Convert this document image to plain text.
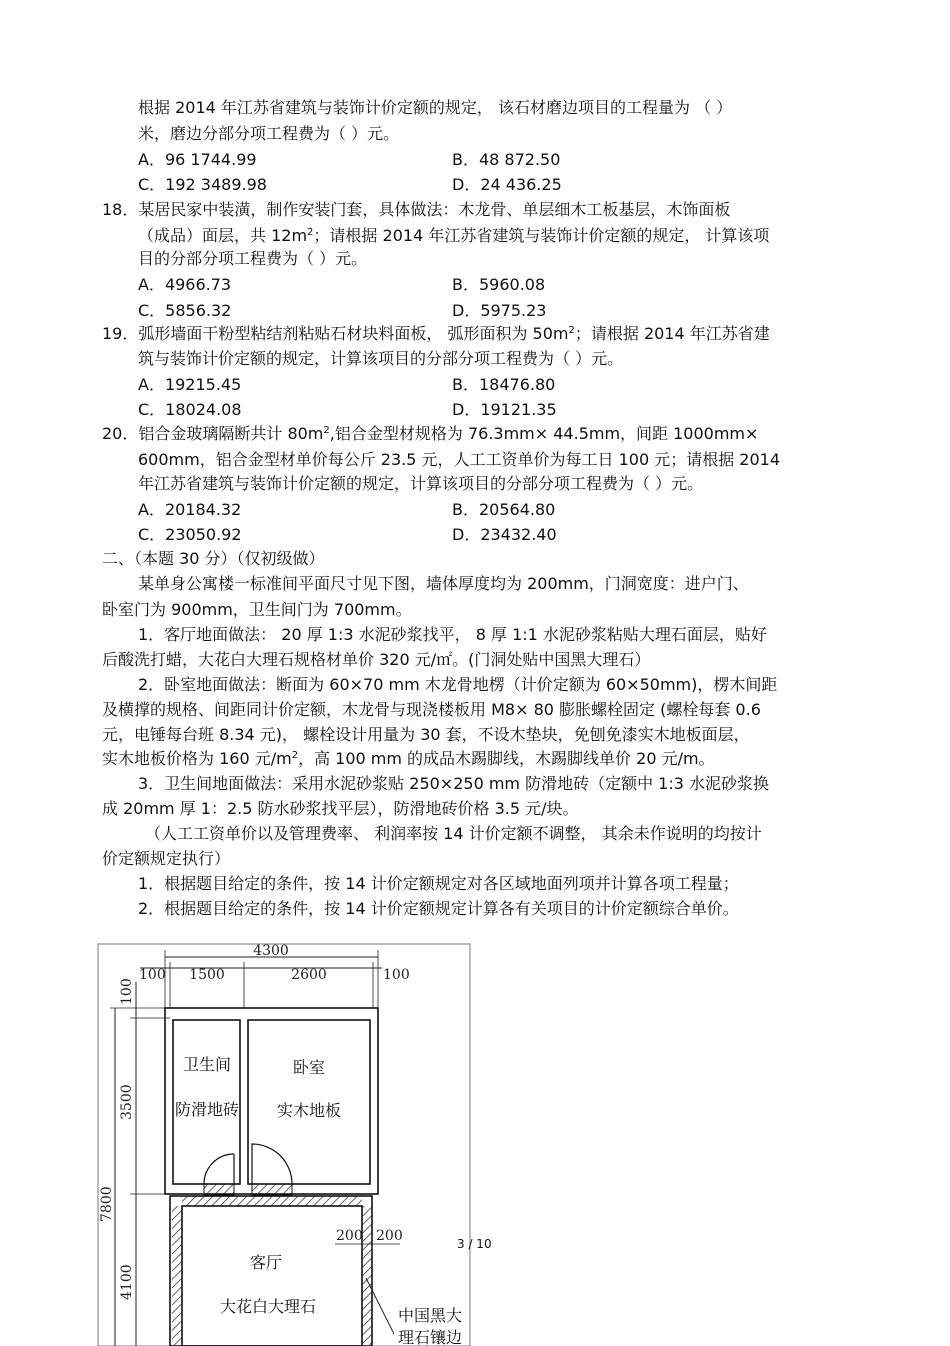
根据 2014 年江苏省建筑与装饰计价定额的规定， 该石材磨边项目的工程量为 （ ）
米，磨边分部分项工程费为（ ）元。
A．96 1744.99	B．48 872.50
C．192 3489.98	D．24 436.25
18．某居民家中装潢，制作安装门套，具体做法：木龙骨、单层细木工板基层，木饰面板
（成品）面层，共 $12m^2$；请根据 2014 年江苏省建筑与装饰计价定额的规定， 计算该项
目的分部分项工程费为（ ）元。
A．4966.73	B．5960.08
C．5856.32	D．5975.23
19．弧形墙面干粉型粘结剂粘贴石材块料面板， 弧形面积为 $50m^2$；请根据 2014 年江苏省建
筑与装饰计价定额的规定，计算该项目的分部分项工程费为（ ）元。
A．19215.45	B．18476.80
C．18024.08	D．19121.35
20．铝合金玻璃隔断共计 $80m^2$,铝合金型材规格为 76.3mm× 44.5mm，间距 1000mm×
600mm，铝合金型材单价每公斤 23.5 元，人工工资单价为每工日 100 元；请根据 2014
年江苏省建筑与装饰计价定额的规定，计算该项目的分部分项工程费为（ ）元。
A．20184.32	B．20564.80
C．23050.92	D．23432.40
二、（本题 30 分）（仅初级做）
某单身公寓楼一标准间平面尺寸见下图，墙体厚度均为 200mm，门洞宽度：进户门、
卧室门为 900mm，卫生间门为 700mm。
1．客厅地面做法： 20 厚 1:3 水泥砂浆找平， 8 厚 1:1 水泥砂浆粘贴大理石面层，贴好
后酸洗打蜡，大花白大理石规格材单价 320 元/㎡。(门洞处贴中国黑大理石）
2．卧室地面做法：断面为 60×70 mm 木龙骨地楞（计价定额为 60×50mm)，楞木间距
及横撑的规格、间距同计价定额，木龙骨与现浇楼板用 M8× 80 膨胀螺栓固定 (螺栓每套 0.6
元，电锤每台班 8.34 元)， 螺栓设计用量为 30 套，不设木垫块，免刨免漆实木地板面层，
实木地板价格为 160 元$/m^2$，高 100 mm 的成品木踢脚线，木踢脚线单价 20 元/m。
3．卫生间地面做法：采用水泥砂浆贴 250×250 mm 防滑地砖（定额中 1:3 水泥砂浆换
成 20mm 厚 1：2.5 防水砂浆找平层），防滑地砖价格 3.5 元/块。
（人工工资单价以及管理费率、 利润率按 14 计价定额不调整， 其余未作说明的均按计
价定额规定执行）
1．根据题目给定的条件，按 14 计价定额规定对各区域地面列项并计算各项工程量；
2．根据题目给定的条件，按 14 计价定额规定计算各有关项目的计价定额综合单价。
4300
100 1500	2600	100
100
3500
7800
4100
200 200
卫生间
防滑地砖
卧室
实木地板
客厅
大花白大理石	中国黑大
理石镶边
3 / 10
